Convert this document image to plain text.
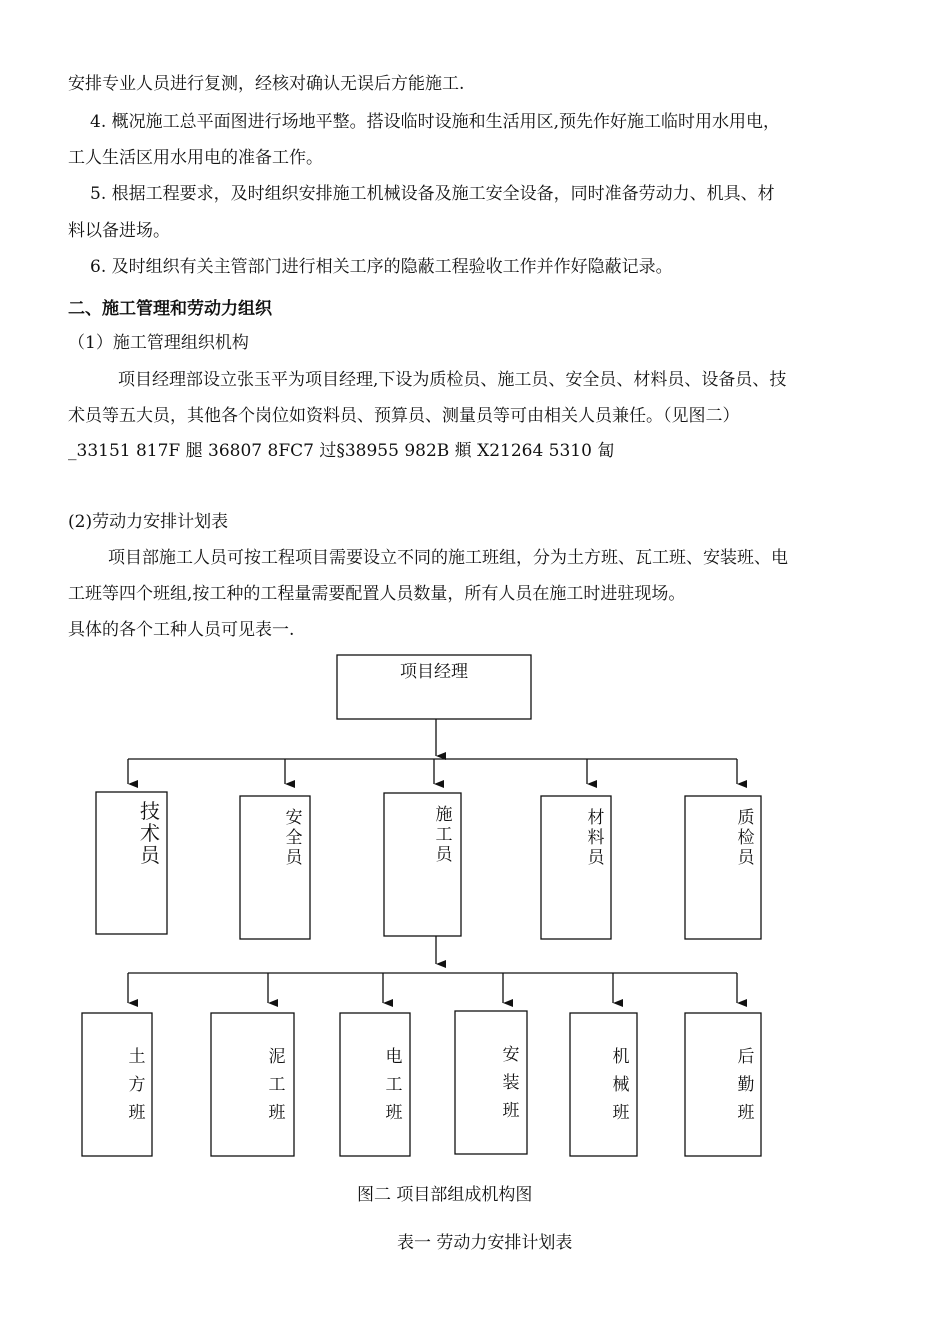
安排专业人员进行复测，经核对确认无误后方能施工.
4. 概况施工总平面图进行场地平整。搭设临时设施和生活用区,预先作好施工临时用水用电，
工人生活区用水用电的准备工作。
5. 根据工程要求，及时组织安排施工机械设备及施工安全设备，同时准备劳动力、机具、材
料以备进场。
6. 及时组织有关主管部门进行相关工序的隐蔽工程验收工作并作好隐蔽记录。
二、施工管理和劳动力组织
（1）施工管理组织机构
项目经理部设立张玉平为项目经理,下设为质检员、施工员、安全员、材料员、设备员、技
术员等五大员，其他各个岗位如资料员、预算员、测量员等可由相关人员兼任。（见图二）
_33151 817F 腿 36807 8FC7 过§38955 982B 頫 X21264 5310 匐
(2)劳动力安排计划表
项目部施工人员可按工程项目需要设立不同的施工班组，分为土方班、瓦工班、安装班、电
工班等四个班组,按工种的工程量需要配置人员数量，所有人员在施工时进驻现场。
具体的各个工种人员可见表一.
项目经理
技术员
安全员
施工员
材料员
质检员
土方班
泥工班
电工班
安装班
机械班
后勤班
图二 项目部组成机构图
表一 劳动力安排计划表
